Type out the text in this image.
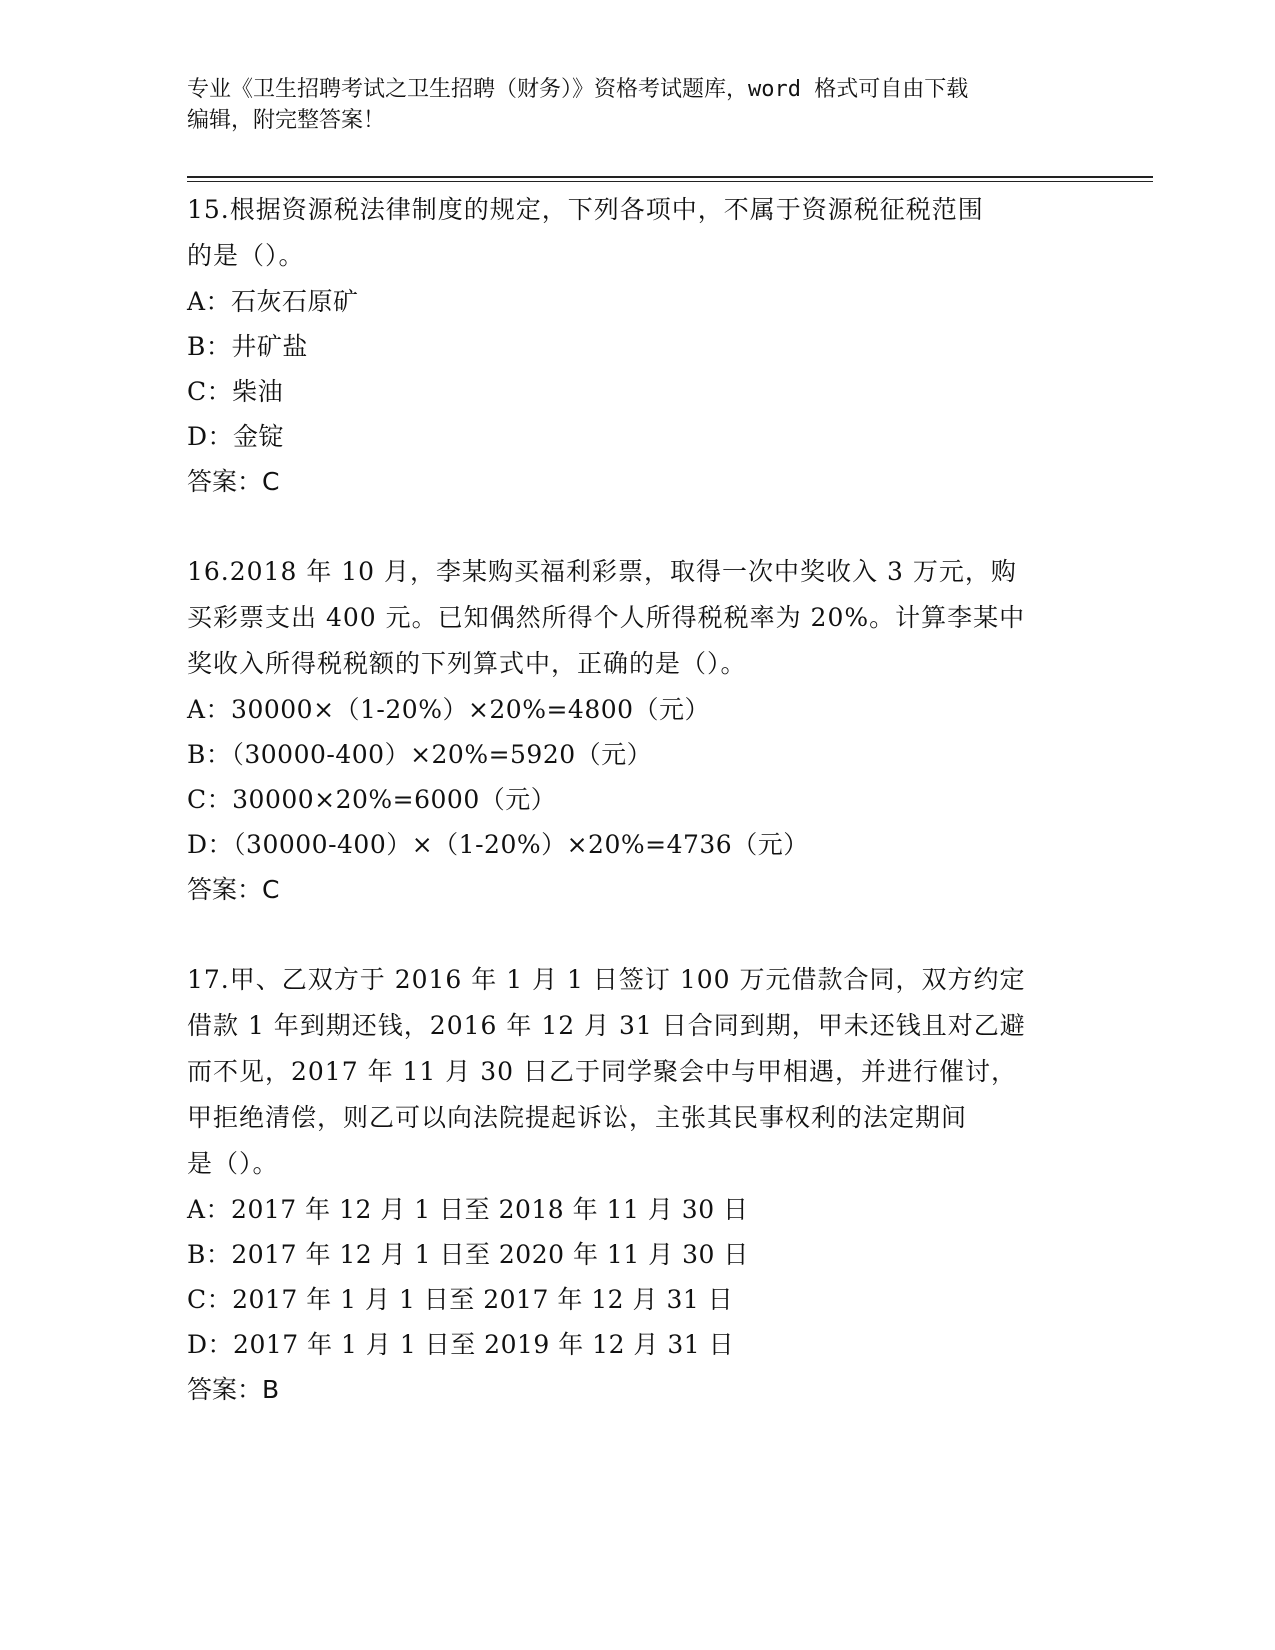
专业《卫生招聘考试之卫生招聘（财务）》资格考试题库，word 格式可自由下载
编辑，附完整答案！
15.根据资源税法律制度的规定，下列各项中，不属于资源税征税范围
的是（）。
A：石灰石原矿
B：井矿盐
C：柴油
D：金锭
答案：C
16.2018 年 10 月，李某购买福利彩票，取得一次中奖收入 3 万元，购
买彩票支出 400 元。已知偶然所得个人所得税税率为 20%。计算李某中
奖收入所得税税额的下列算式中，正确的是（）。
A：30000×（1-20%）×20%=4800（元）
B：（30000-400）×20%=5920（元）
C：30000×20%=6000（元）
D：（30000-400）×（1-20%）×20%=4736（元）
答案：C
17.甲、乙双方于 2016 年 1 月 1 日签订 100 万元借款合同，双方约定
借款 1 年到期还钱，2016 年 12 月 31 日合同到期，甲未还钱且对乙避
而不见，2017 年 11 月 30 日乙于同学聚会中与甲相遇，并进行催讨，
甲拒绝清偿，则乙可以向法院提起诉讼，主张其民事权利的法定期间
是（）。
A：2017 年 12 月 1 日至 2018 年 11 月 30 日
B：2017 年 12 月 1 日至 2020 年 11 月 30 日
C：2017 年 1 月 1 日至 2017 年 12 月 31 日
D：2017 年 1 月 1 日至 2019 年 12 月 31 日
答案：B
